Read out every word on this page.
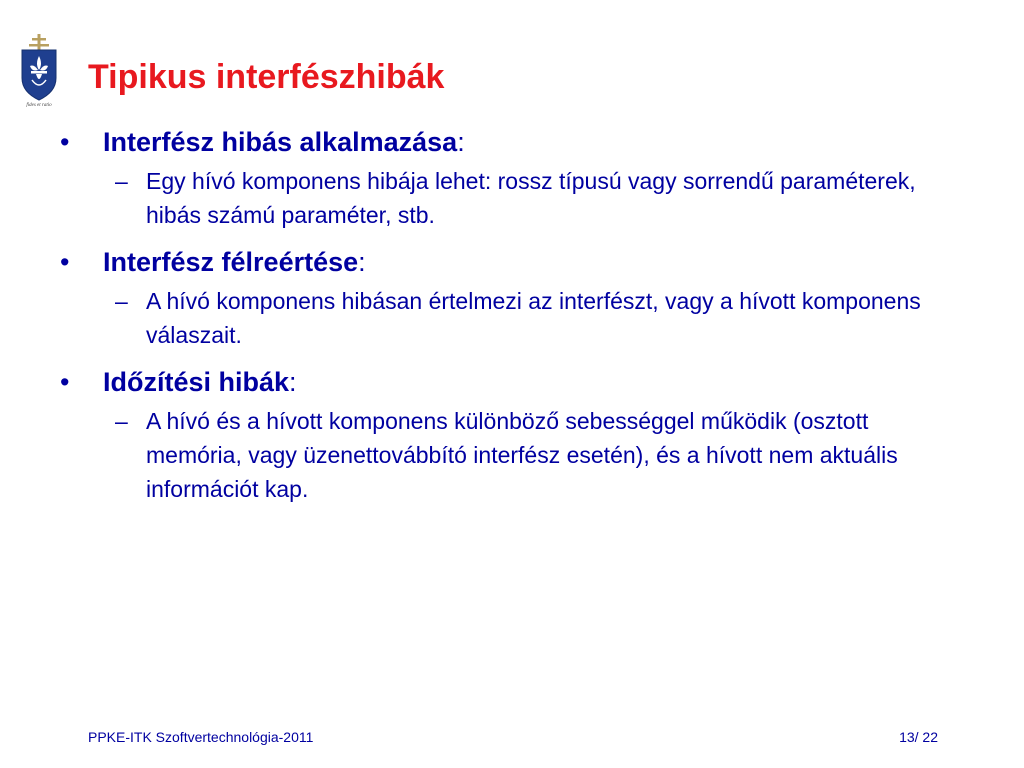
fides et ratio
Tipikus interfészhibák
• Interfész hibás alkalmazása:
– Egy hívó komponens hibája lehet: rossz típusú vagy sorrendű paraméterek, hibás számú paraméter, stb.
• Interfész félreértése:
– A hívó komponens hibásan értelmezi az interfészt, vagy a hívott komponens válaszait.
• Időzítési hibák:
– A hívó és a hívott komponens különböző sebességgel működik (osztott memória, vagy üzenettovábbító interfész esetén), és a hívott nem aktuális információt kap.
PPKE-ITK Szoftvertechnológia-2011	13/ 22
